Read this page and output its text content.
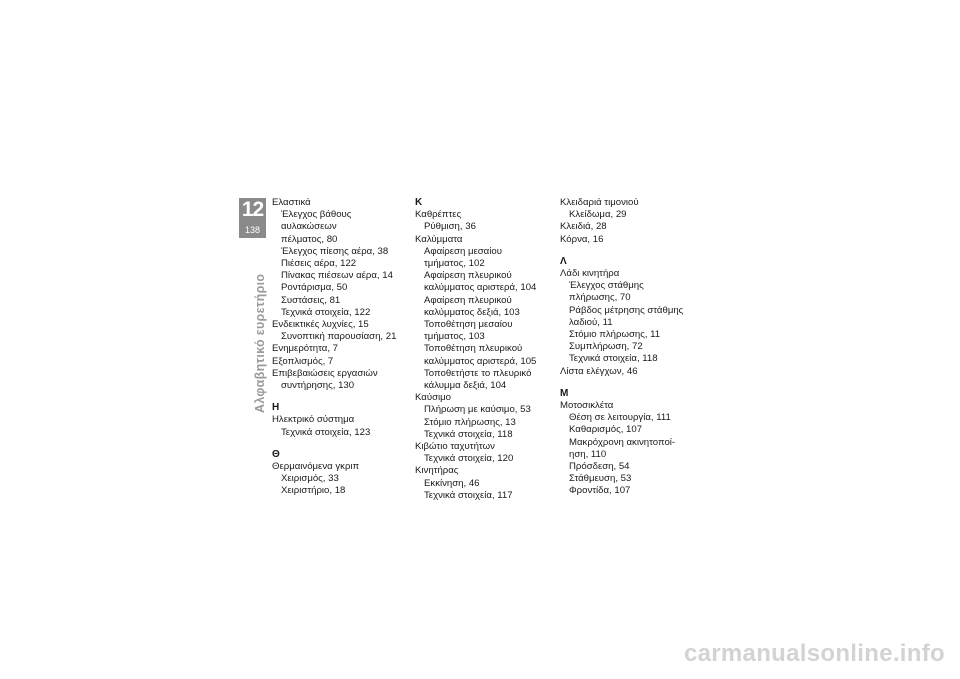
12
138
Αλφαβητικό ευρετήριο
Ελαστικά
Έλεγχος βάθους αυλακώσεων
πέλματος, 80
Έλεγχος πίεσης αέρα, 38
Πιέσεις αέρα, 122
Πίνακας πιέσεων αέρα, 14
Ροντάρισμα, 50
Συστάσεις, 81
Τεχνικά στοιχεία, 122
Ενδεικτικές λυχνίες, 15
Συνοπτική παρουσίαση, 21
Ενημερότητα, 7
Εξοπλισμός, 7
Επιβεβαιώσεις εργασιών
συντήρησης, 130
Η
Ηλεκτρικό σύστημα
Τεχνικά στοιχεία, 123
Θ
Θερμαινόμενα γκριπ
Χειρισμός, 33
Χειριστήριο, 18
Κ
Καθρέπτες
Ρύθμιση, 36
Καλύμματα
Αφαίρεση μεσαίου
τμήματος, 102
Αφαίρεση πλευρικού
καλύμματος αριστερά, 104
Αφαίρεση πλευρικού
καλύμματος δεξιά, 103
Τοποθέτηση μεσαίου
τμήματος, 103
Τοποθέτηση πλευρικού
καλύμματος αριστερά, 105
Τοποθετήστε το πλευρικό
κάλυμμα δεξιά, 104
Καύσιμο
Πλήρωση με καύσιμο, 53
Στόμιο πλήρωσης, 13
Τεχνικά στοιχεία, 118
Κιβώτιο ταχυτήτων
Τεχνικά στοιχεία, 120
Κινητήρας
Εκκίνηση, 46
Τεχνικά στοιχεία, 117
Κλειδαριά τιμονιού
Κλείδωμα, 29
Κλειδιά, 28
Κόρνα, 16
Λ
Λάδι κινητήρα
Έλεγχος στάθμης
πλήρωσης, 70
Ράβδος μέτρησης στάθμης
λαδιού, 11
Στόμιο πλήρωσης, 11
Συμπλήρωση, 72
Τεχνικά στοιχεία, 118
Λίστα ελέγχων, 46
Μ
Μοτοσικλέτα
Θέση σε λειτουργία, 111
Καθαρισμός, 107
Μακρόχρονη ακινητοποί-
ηση, 110
Πρόσδεση, 54
Στάθμευση, 53
Φροντίδα, 107
carmanualsonline.info
